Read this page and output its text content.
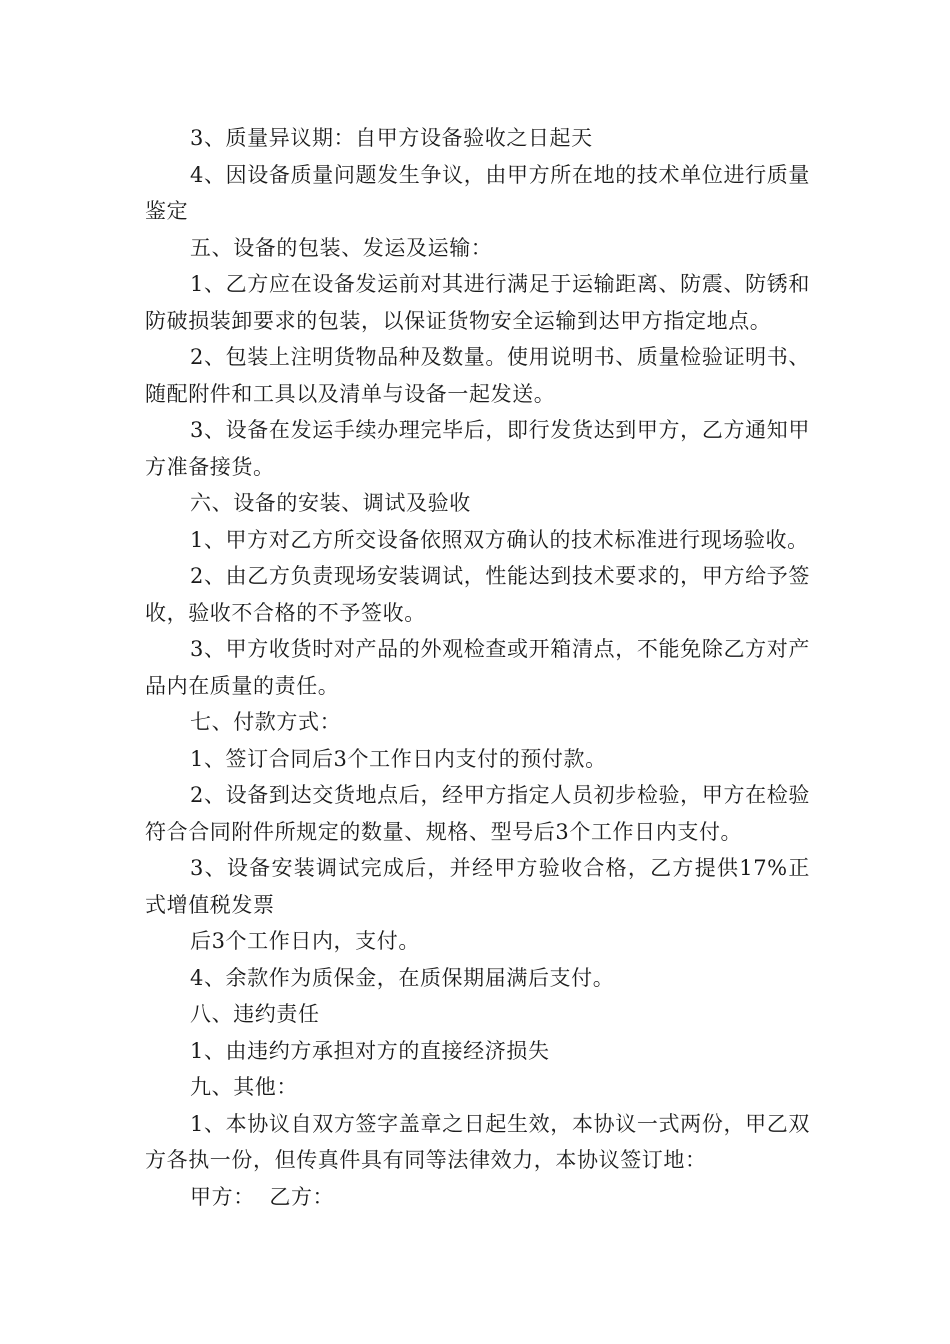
3、质量异议期：自甲方设备验收之日起天

4、因设备质量问题发生争议，由甲方所在地的技术单位进行质量鉴定

五、设备的包装、发运及运输：

1、乙方应在设备发运前对其进行满足于运输距离、防震、防锈和防破损装卸要求的包装，以保证货物安全运输到达甲方指定地点。

2、包装上注明货物品种及数量。使用说明书、质量检验证明书、随配附件和工具以及清单与设备一起发送。

3、设备在发运手续办理完毕后，即行发货达到甲方，乙方通知甲方准备接货。

六、设备的安装、调试及验收

1、甲方对乙方所交设备依照双方确认的技术标准进行现场验收。

2、由乙方负责现场安装调试，性能达到技术要求的，甲方给予签收，验收不合格的不予签收。

3、甲方收货时对产品的外观检查或开箱清点，不能免除乙方对产品内在质量的责任。

七、付款方式：

1、签订合同后3个工作日内支付的预付款。

2、设备到达交货地点后，经甲方指定人员初步检验，甲方在检验符合合同附件所规定的数量、规格、型号后3个工作日内支付。

3、设备安装调试完成后，并经甲方验收合格，乙方提供17%正式增值税发票

后3个工作日内，支付。

4、余款作为质保金，在质保期届满后支付。

八、违约责任

1、由违约方承担对方的直接经济损失

九、其他：

1、本协议自双方签字盖章之日起生效，本协议一式两份，甲乙双方各执一份，但传真件具有同等法律效力，本协议签订地：

甲方：  乙方：
